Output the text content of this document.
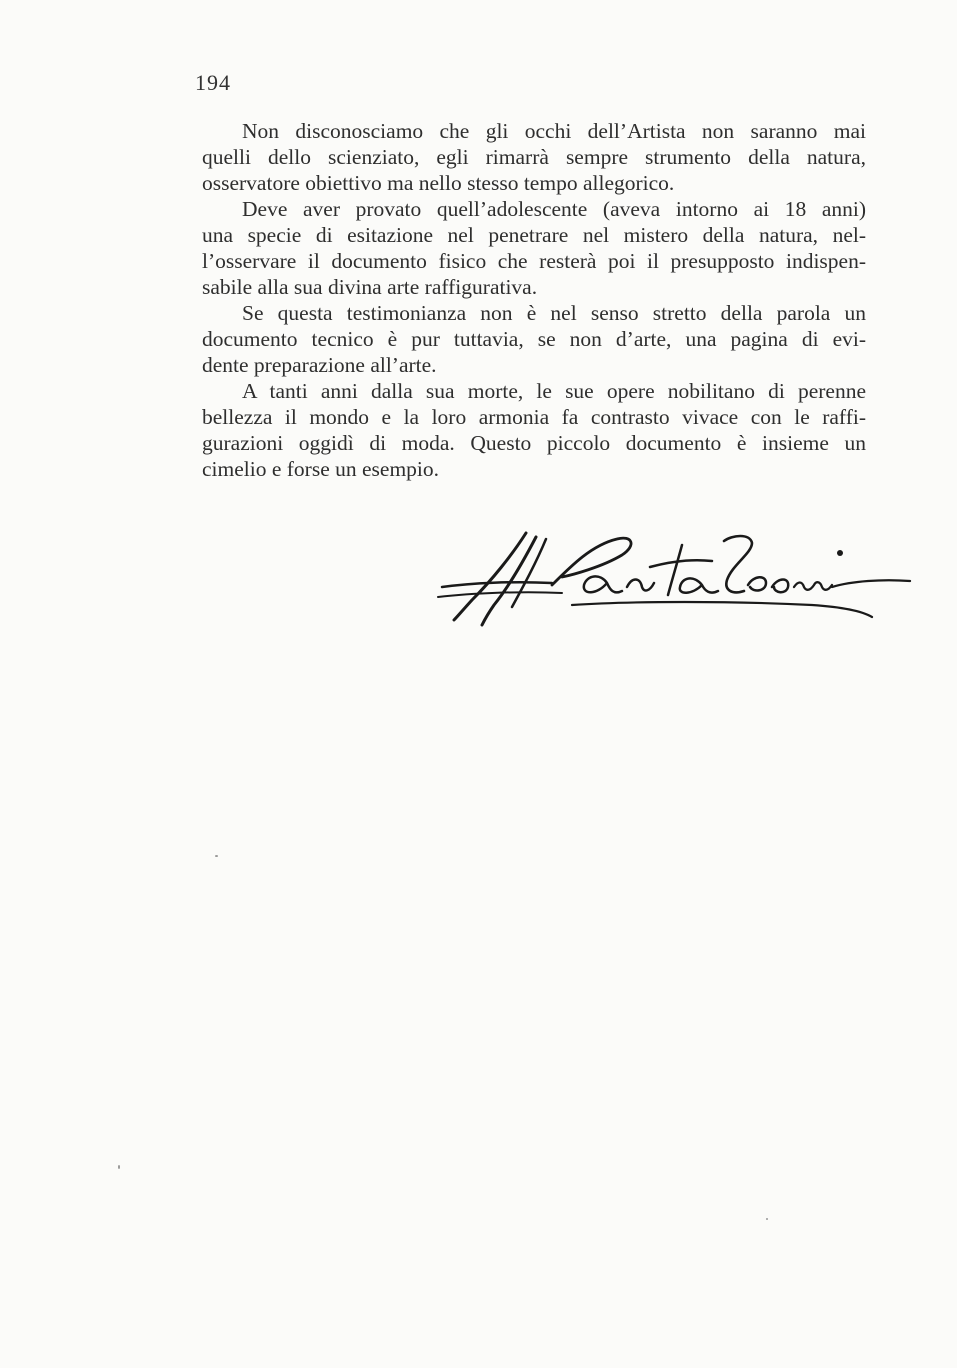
194

Non disconosciamo che gli occhi dell’Artista non saranno mai
quelli dello scienziato, egli rimarrà sempre strumento della natura,
osservatore obiettivo ma nello stesso tempo allegorico.

Deve aver provato quell’adolescente (aveva intorno ai 18 anni)
una specie di esitazione nel penetrare nel mistero della natura, nel-
l’osservare il documento fisico che resterà poi il presupposto indispen-
sabile alla sua divina arte raffigurativa.

Se questa testimonianza non è nel senso stretto della parola un
documento tecnico è pur tuttavia, se non d’arte, una pagina di evi-
dente preparazione all’arte.

A tanti anni dalla sua morte, le sue opere nobilitano di perenne
bellezza il mondo e la loro armonia fa contrasto vivace con le raffi-
gurazioni oggidì di moda. Questo piccolo documento è insieme un
cimelio e forse un esempio.
